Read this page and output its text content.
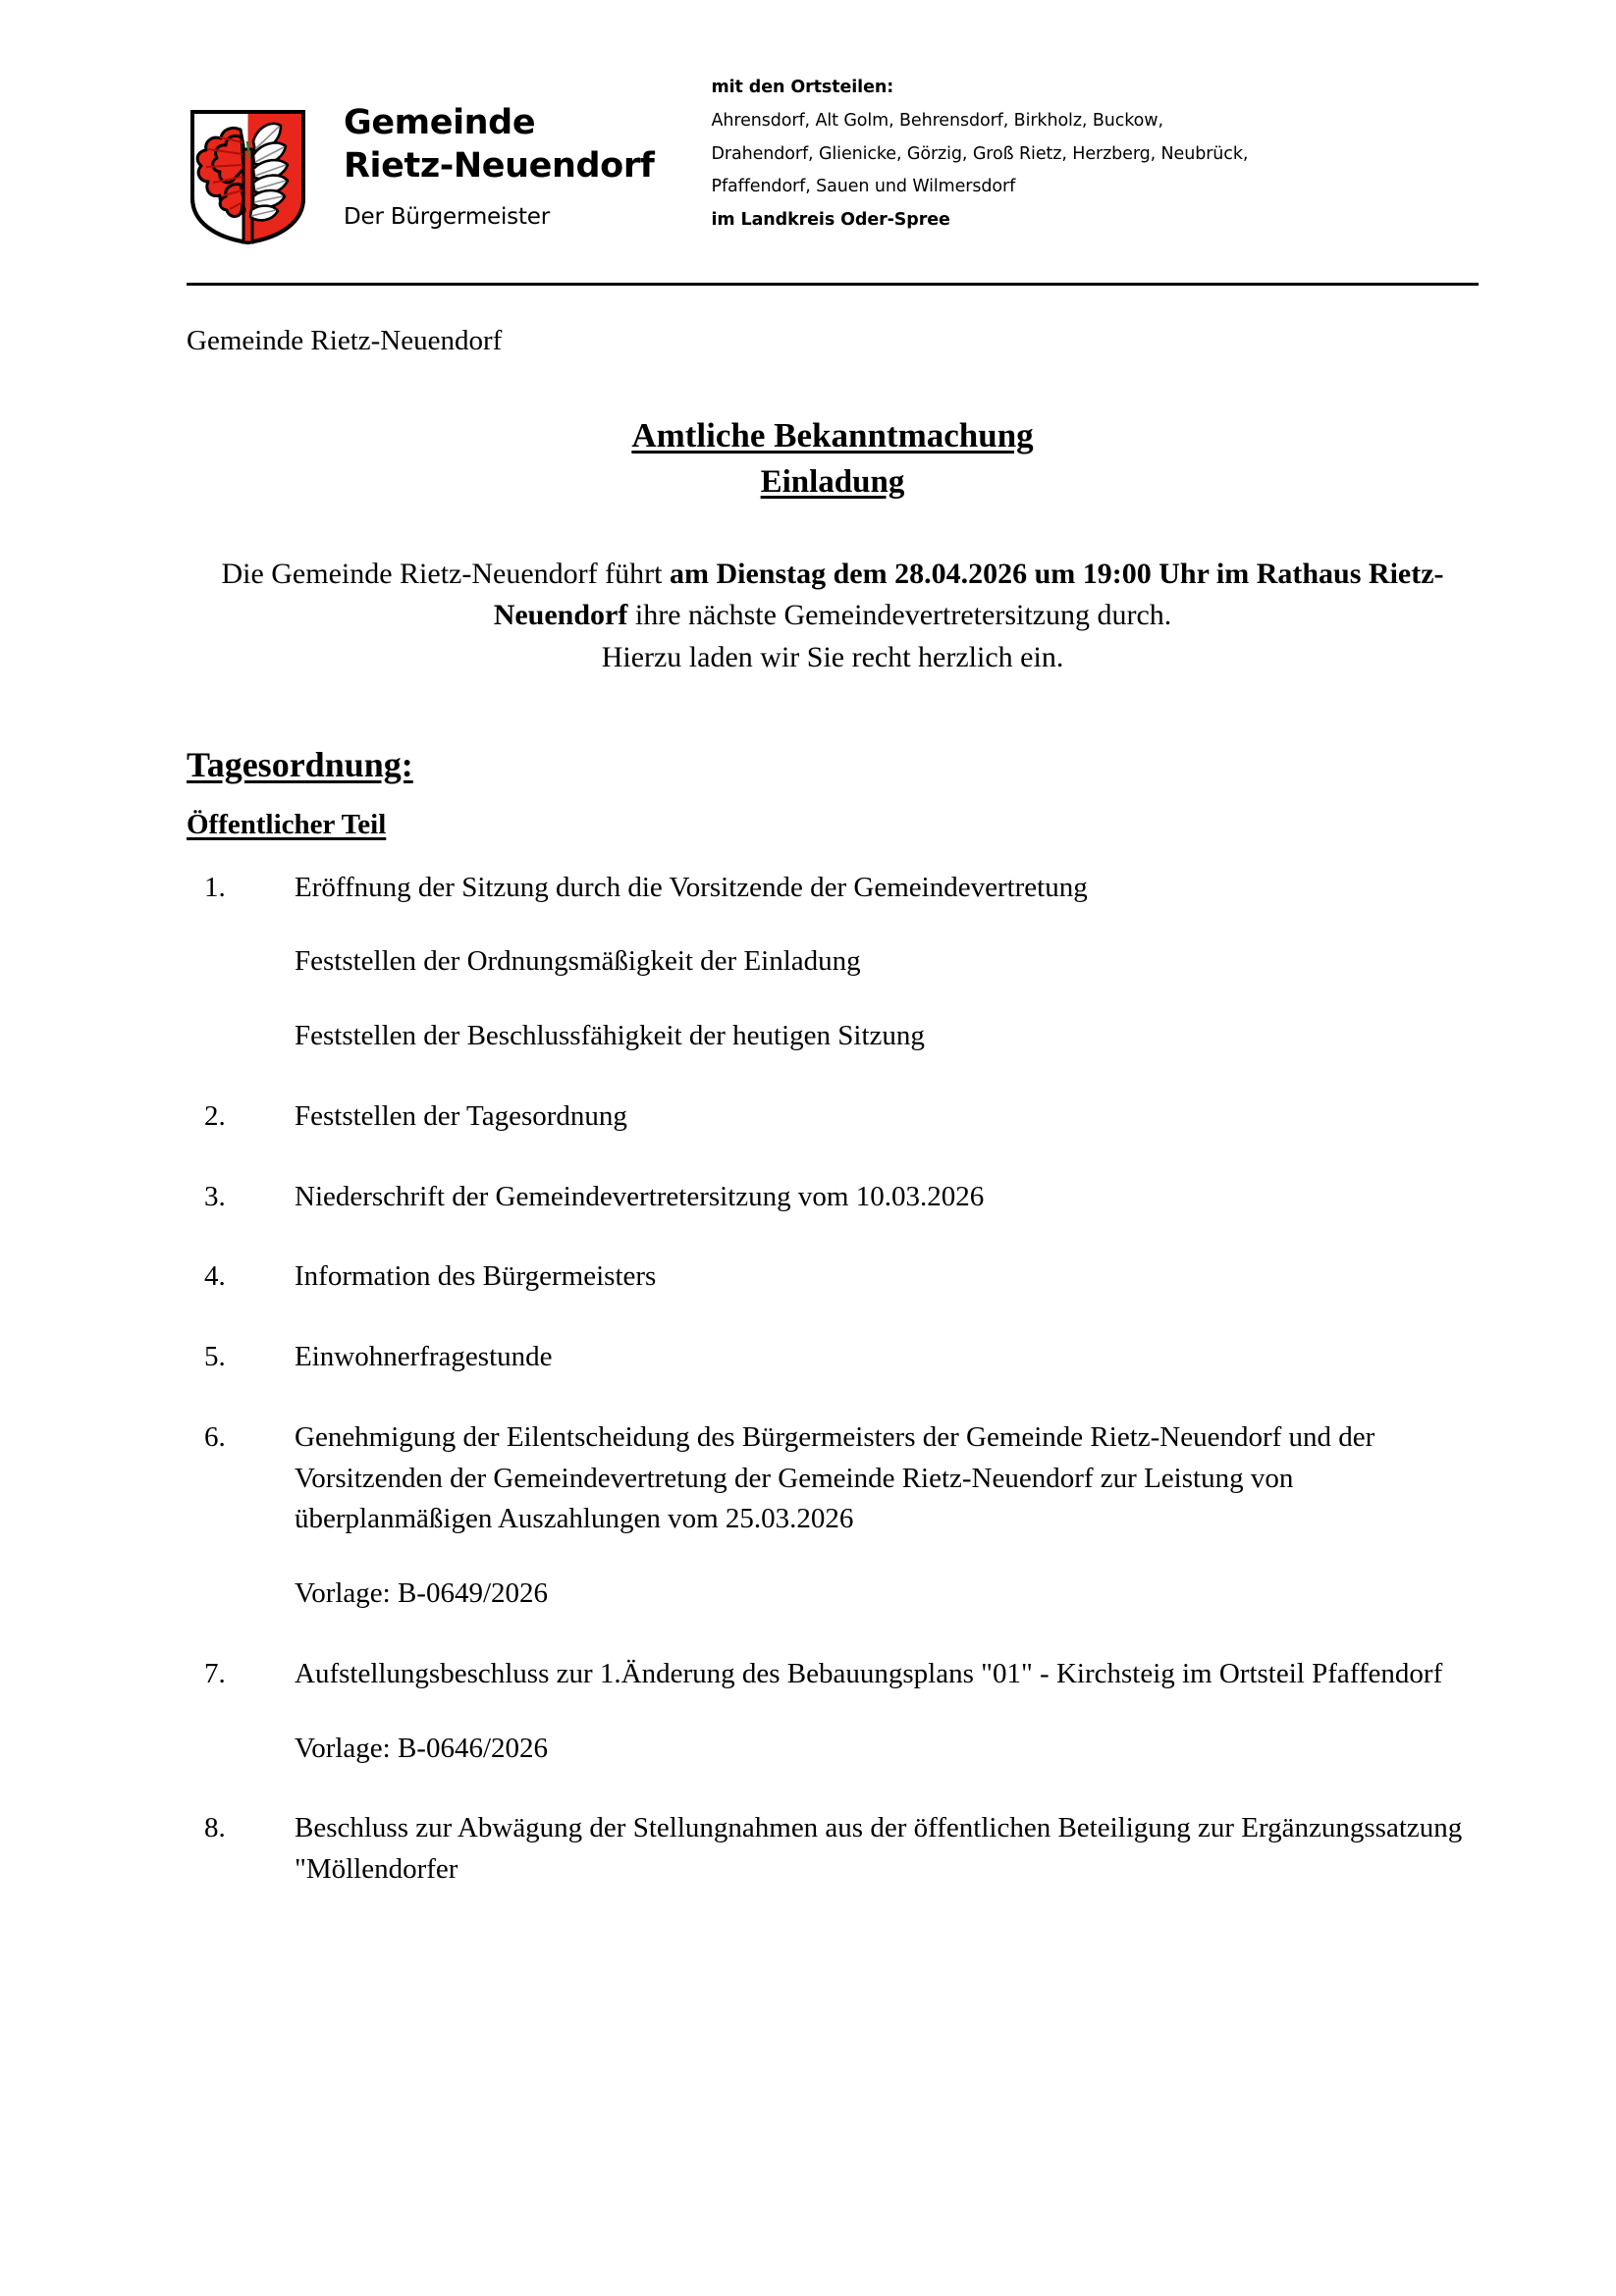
Gemeinde
Rietz-Neuendorf
Der Bürgermeister
mit den Ortsteilen:
Ahrensdorf, Alt Golm, Behrensdorf, Birkholz, Buckow,
Drahendorf, Glienicke, Görzig, Groß Rietz, Herzberg, Neubrück,
Pfaffendorf, Sauen und Wilmersdorf
im Landkreis Oder-Spree

Gemeinde Rietz-Neuendorf

Amtliche Bekanntmachung
Einladung
Die Gemeinde Rietz-Neuendorf führt am Dienstag dem 28.04.2026 um 19:00 Uhr im Rathaus Rietz-Neuendorf ihre nächste Gemeindevertretersitzung durch.
Hierzu laden wir Sie recht herzlich ein.
Tagesordnung:
Öffentlicher Teil
1.	Eröffnung der Sitzung durch die Vorsitzende der Gemeindevertretung

Feststellen der Ordnungsmäßigkeit der Einladung

Feststellen der Beschlussfähigkeit der heutigen Sitzung

2.	Feststellen der Tagesordnung

3.	Niederschrift der Gemeindevertretersitzung vom 10.03.2026

4.	Information des Bürgermeisters

5.	Einwohnerfragestunde

6.	Genehmigung der Eilentscheidung des Bürgermeisters der Gemeinde Rietz-Neuendorf und der Vorsitzenden der Gemeindevertretung der Gemeinde Rietz-Neuendorf zur Leistung von überplanmäßigen Auszahlungen vom 25.03.2026

Vorlage: B-0649/2026

7.	Aufstellungsbeschluss zur 1.Änderung des Bebauungsplans "01" - Kirchsteig im Ortsteil Pfaffendorf

Vorlage: B-0646/2026

8.	Beschluss zur Abwägung der Stellungnahmen aus der öffentlichen Beteiligung zur Ergänzungssatzung "Möllendorfer
